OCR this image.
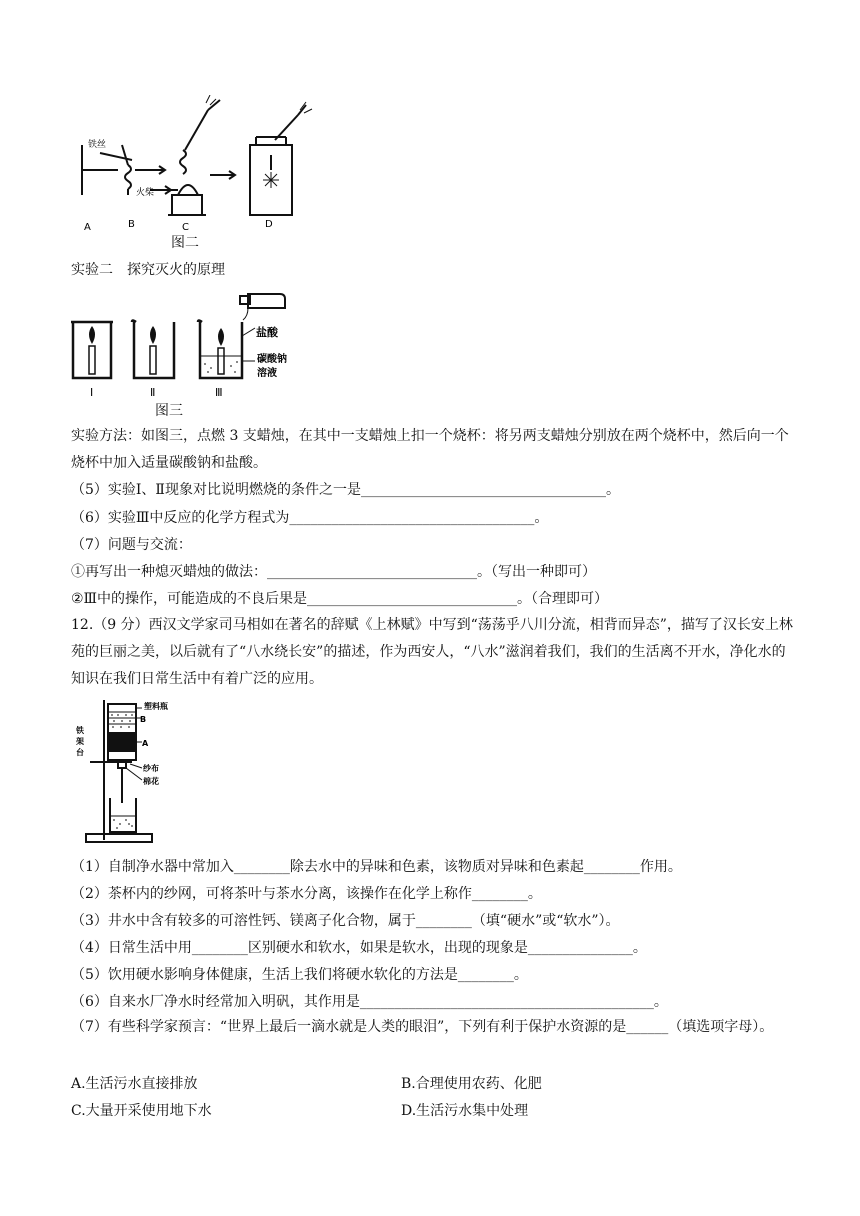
铁丝
火柴
A	B	C	D
图二
实验二　探究灭火的原理
盐酸
碳酸钠
溶液
Ⅰ	Ⅱ	Ⅲ
图三
实验方法：如图三，点燃 3 支蜡烛，在其中一支蜡烛上扣一个烧杯：将另两支蜡烛分别放在两个烧杯中，然后向一个烧杯中加入适量碳酸钠和盐酸。
（5）实验Ⅰ、Ⅱ现象对比说明燃烧的条件之一是___________________________________。
（6）实验Ⅲ中反应的化学方程式为___________________________________。
（7）问题与交流：
①再写出一种熄灭蜡烛的做法：______________________________。（写出一种即可）
②Ⅲ中的操作，可能造成的不良后果是______________________________。（合理即可）
12.（9 分）西汉文学家司马相如在著名的辞赋《上林赋》中写到“荡荡乎八川分流，相背而异态”，描写了汉长安上林苑的巨丽之美，以后就有了“八水绕长安”的描述，作为西安人，“八水”滋润着我们，我们的生活离不开水，净化水的知识在我们日常生活中有着广泛的应用。
塑料瓶
B
A
铁
架
台
纱布
棉花
（1）自制净水器中常加入________除去水中的异味和色素，该物质对异味和色素起________作用。
（2）茶杯内的纱网，可将茶叶与茶水分离，该操作在化学上称作________。
（3）井水中含有较多的可溶性钙、镁离子化合物，属于________（填“硬水”或“软水”）。
（4）日常生活中用________区别硬水和软水，如果是软水，出现的现象是_______________。
（5）饮用硬水影响身体健康，生活上我们将硬水软化的方法是________。
（6）自来水厂净水时经常加入明矾，其作用是__________________________________________。
（7）有些科学家预言：“世界上最后一滴水就是人类的眼泪”，下列有利于保护水资源的是______（填选项字母）。
A.生活污水直接排放	B.合理使用农药、化肥
C.大量开采使用地下水	D.生活污水集中处理
